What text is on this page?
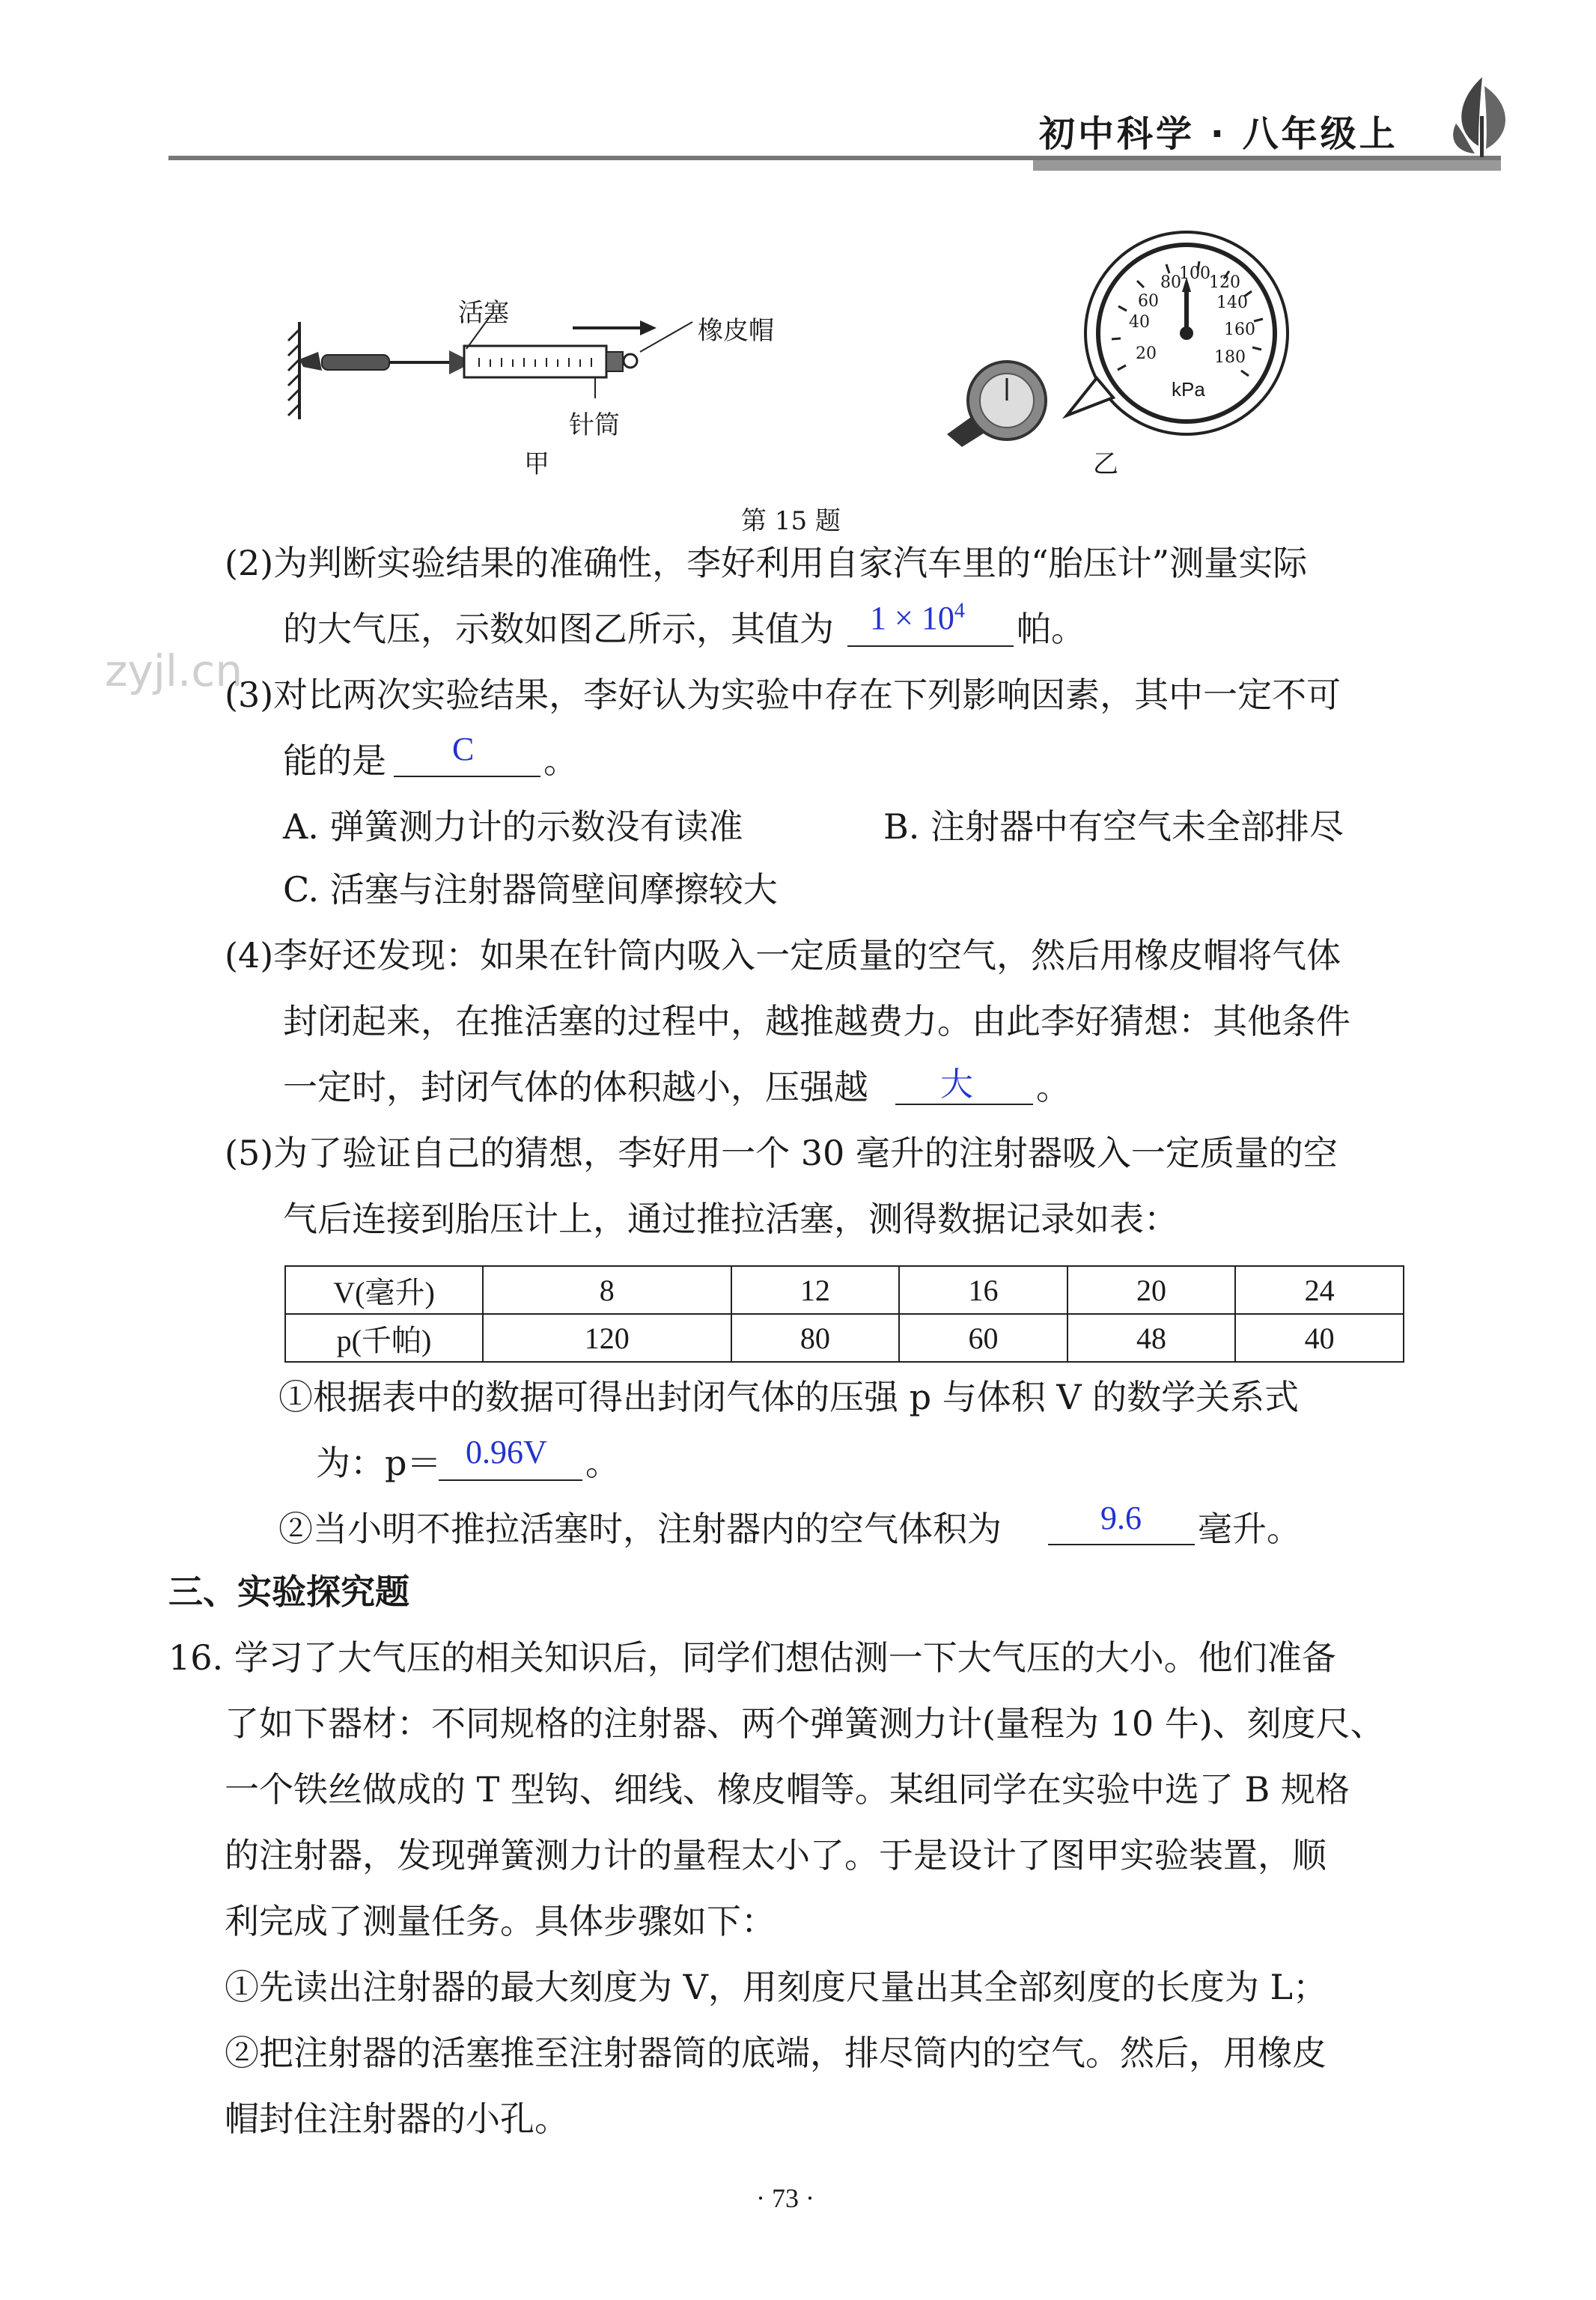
初中科学 · 八年级上
活塞
橡皮帽
针筒
甲
20
40
60
80
100
120
140
160
180
kPa
乙
第 15 题
zyjl.cn
(2)为判断实验结果的准确性，李好利用自家汽车里的“胎压计”测量实际
的大气压，示数如图乙所示，其值为 $1 \times 10^4$ 帕。
(3)对比两次实验结果，李好认为实验中存在下列影响因素，其中一定不可
能的是 C 。
A. 弹簧测力计的示数没有读准	B. 注射器中有空气未全部排尽
C. 活塞与注射器筒壁间摩擦较大
(4)李好还发现：如果在针筒内吸入一定质量的空气，然后用橡皮帽将气体
封闭起来，在推活塞的过程中，越推越费力。由此李好猜想：其他条件
一定时，封闭气体的体积越小，压强越 大 。
(5)为了验证自己的猜想，李好用一个 30 毫升的注射器吸入一定质量的空
气后连接到胎压计上，通过推拉活塞，测得数据记录如表：
V(毫升)	8	12	16	20	24
p(千帕)	120	80	60	48	40
①根据表中的数据可得出封闭气体的压强 p 与体积 V 的数学关系式
为：p＝ 0.96V 。
②当小明不推拉活塞时，注射器内的空气体积为	9.6 毫升。
三、实验探究题
16. 学习了大气压的相关知识后，同学们想估测一下大气压的大小。他们准备
了如下器材：不同规格的注射器、两个弹簧测力计(量程为 10 牛)、刻度尺、
一个铁丝做成的 T 型钩、细线、橡皮帽等。某组同学在实验中选了 B 规格
的注射器，发现弹簧测力计的量程太小了。于是设计了图甲实验装置，顺
利完成了测量任务。具体步骤如下：
①先读出注射器的最大刻度为 V，用刻度尺量出其全部刻度的长度为 L；
②把注射器的活塞推至注射器筒的底端，排尽筒内的空气。然后，用橡皮
帽封住注射器的小孔。
· 73 ·
